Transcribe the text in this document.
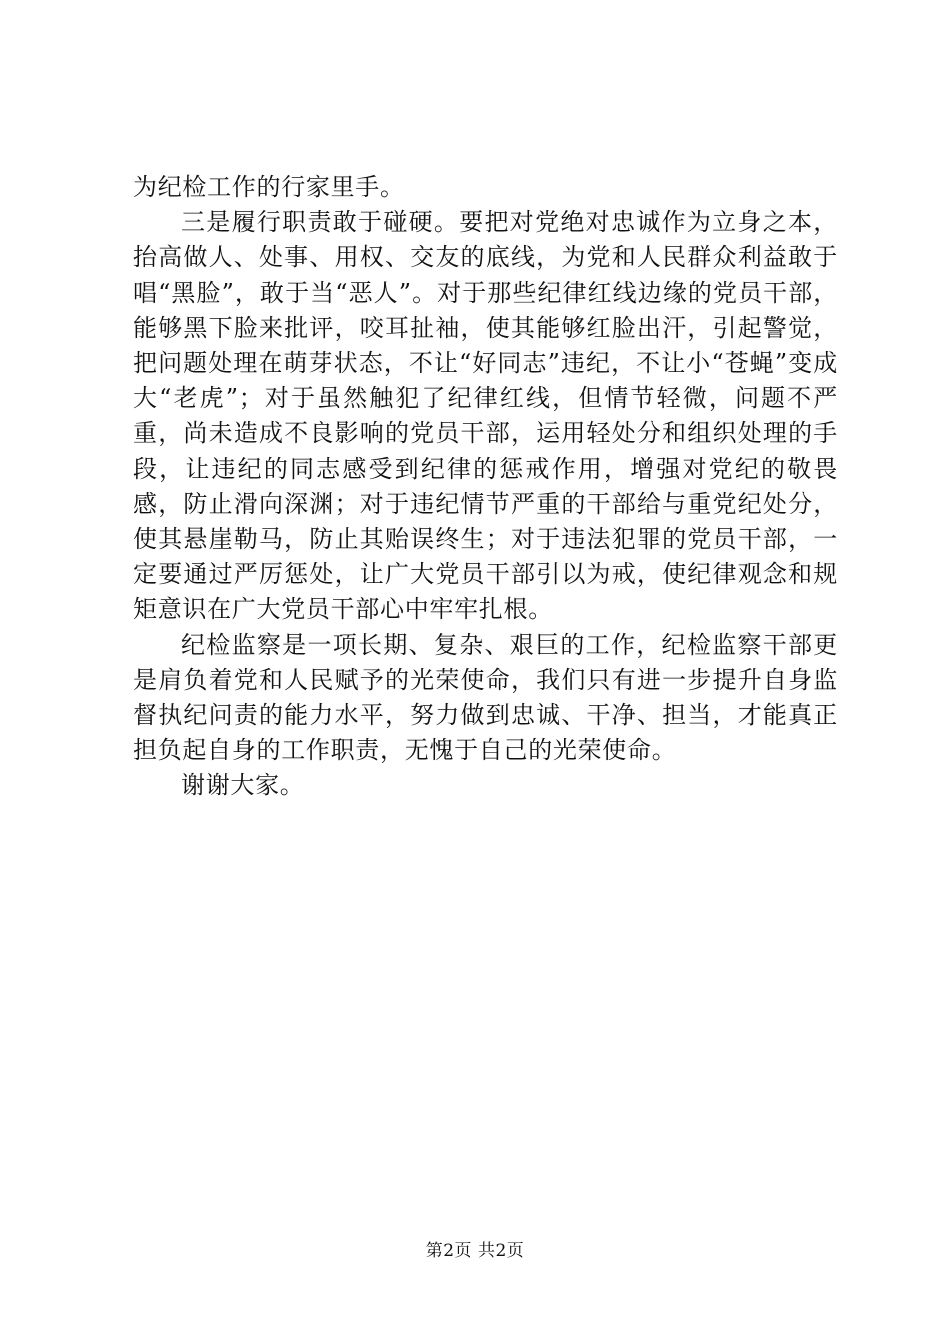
为纪检工作的行家里手。

三是履行职责敢于碰硬。要把对党绝对忠诚作为立身之本，抬高做人、处事、用权、交友的底线，为党和人民群众利益敢于唱“黑脸”，敢于当“恶人”。对于那些纪律红线边缘的党员干部，能够黑下脸来批评，咬耳扯袖，使其能够红脸出汗，引起警觉，把问题处理在萌芽状态，不让“好同志”违纪，不让小“苍蝇”变成大“老虎”；对于虽然触犯了纪律红线，但情节轻微，问题不严重，尚未造成不良影响的党员干部，运用轻处分和组织处理的手段，让违纪的同志感受到纪律的惩戒作用，增强对党纪的敬畏感，防止滑向深渊；对于违纪情节严重的干部给与重党纪处分，使其悬崖勒马，防止其贻误终生；对于违法犯罪的党员干部，一定要通过严厉惩处，让广大党员干部引以为戒，使纪律观念和规矩意识在广大党员干部心中牢牢扎根。

纪检监察是一项长期、复杂、艰巨的工作，纪检监察干部更是肩负着党和人民赋予的光荣使命，我们只有进一步提升自身监督执纪问责的能力水平，努力做到忠诚、干净、担当，才能真正担负起自身的工作职责，无愧于自己的光荣使命。

谢谢大家。

第2页 共2页
